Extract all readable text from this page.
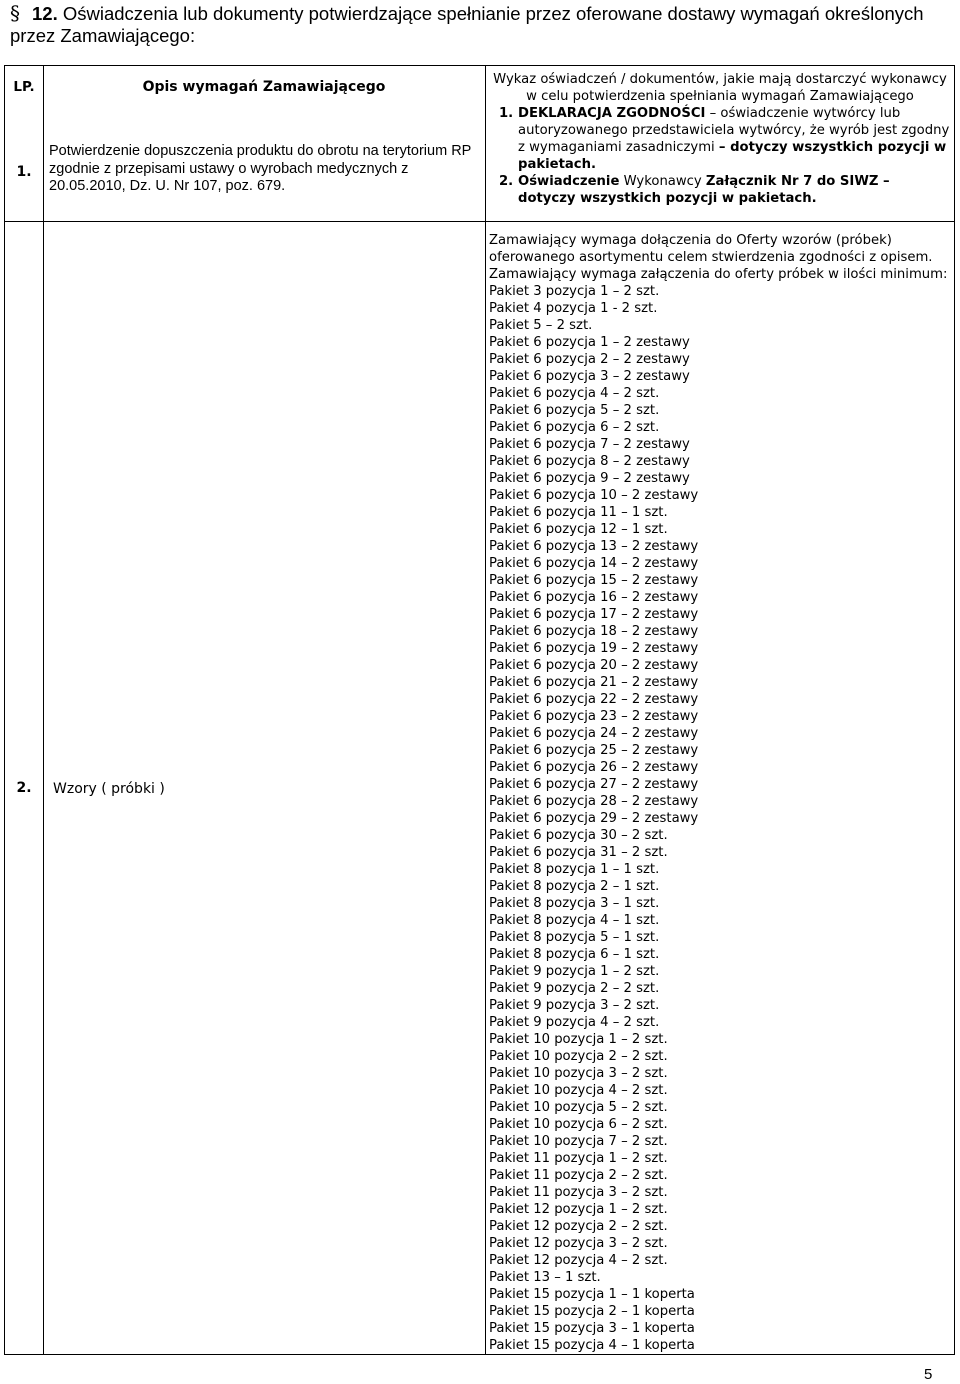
§ 12. Oświadczenia lub dokumenty potwierdzające spełnianie przez oferowane dostawy wymagań określonych przez Zamawiającego:
LP.	Opis wymagań Zamawiającego
1.
Potwierdzenie dopuszczenia produktu do obrotu na terytorium RP zgodnie z przepisami ustawy o wyrobach medycznych z 20.05.2010, Dz. U. Nr 107, poz. 679.
Wykaz oświadczeń / dokumentów, jakie mają dostarczyć wykonawcy w celu potwierdzenia spełniania wymagań Zamawiającego
1. DEKLARACJA ZGODNOŚCI – oświadczenie wytwórcy lub autoryzowanego przedstawiciela wytwórcy, że wyrób jest zgodny z wymaganiami zasadniczymi – dotyczy wszystkich pozycji w pakietach.
2. Oświadczenie Wykonawcy Załącznik Nr 7 do SIWZ – dotyczy wszystkich pozycji w pakietach.
2.	Wzory ( próbki )
Zamawiający wymaga dołączenia do Oferty wzorów (próbek) oferowanego asortymentu celem stwierdzenia zgodności z opisem.
Zamawiający wymaga załączenia do oferty próbek w ilości minimum:
Pakiet 3 pozycja 1 – 2 szt.
Pakiet 4 pozycja 1 - 2 szt.
Pakiet 5 – 2 szt.
Pakiet 6 pozycja 1 – 2 zestawy
Pakiet 6 pozycja 2 – 2 zestawy
Pakiet 6 pozycja 3 – 2 zestawy
Pakiet 6 pozycja 4 – 2 szt.
Pakiet 6 pozycja 5 – 2 szt.
Pakiet 6 pozycja 6 – 2 szt.
Pakiet 6 pozycja 7 – 2 zestawy
Pakiet 6 pozycja 8 – 2 zestawy
Pakiet 6 pozycja 9 – 2 zestawy
Pakiet 6 pozycja 10 – 2 zestawy
Pakiet 6 pozycja 11 – 1 szt.
Pakiet 6 pozycja 12 – 1 szt.
Pakiet 6 pozycja 13 – 2 zestawy
Pakiet 6 pozycja 14 – 2 zestawy
Pakiet 6 pozycja 15 – 2 zestawy
Pakiet 6 pozycja 16 – 2 zestawy
Pakiet 6 pozycja 17 – 2 zestawy
Pakiet 6 pozycja 18 – 2 zestawy
Pakiet 6 pozycja 19 – 2 zestawy
Pakiet 6 pozycja 20 – 2 zestawy
Pakiet 6 pozycja 21 – 2 zestawy
Pakiet 6 pozycja 22 – 2 zestawy
Pakiet 6 pozycja 23 – 2 zestawy
Pakiet 6 pozycja 24 – 2 zestawy
Pakiet 6 pozycja 25 – 2 zestawy
Pakiet 6 pozycja 26 – 2 zestawy
Pakiet 6 pozycja 27 – 2 zestawy
Pakiet 6 pozycja 28 – 2 zestawy
Pakiet 6 pozycja 29 – 2 zestawy
Pakiet 6 pozycja 30 – 2 szt.
Pakiet 6 pozycja 31 – 2 szt.
Pakiet 8 pozycja 1 – 1 szt.
Pakiet 8 pozycja 2 – 1 szt.
Pakiet 8 pozycja 3 – 1 szt.
Pakiet 8 pozycja 4 – 1 szt.
Pakiet 8 pozycja 5 – 1 szt.
Pakiet 8 pozycja 6 – 1 szt.
Pakiet 9 pozycja 1 – 2 szt.
Pakiet 9 pozycja 2 – 2 szt.
Pakiet 9 pozycja 3 – 2 szt.
Pakiet 9 pozycja 4 – 2 szt.
Pakiet 10 pozycja 1 – 2 szt.
Pakiet 10 pozycja 2 – 2 szt.
Pakiet 10 pozycja 3 – 2 szt.
Pakiet 10 pozycja 4 – 2 szt.
Pakiet 10 pozycja 5 – 2 szt.
Pakiet 10 pozycja 6 – 2 szt.
Pakiet 10 pozycja 7 – 2 szt.
Pakiet 11 pozycja 1 – 2 szt.
Pakiet 11 pozycja 2 – 2 szt.
Pakiet 11 pozycja 3 – 2 szt.
Pakiet 12 pozycja 1 – 2 szt.
Pakiet 12 pozycja 2 – 2 szt.
Pakiet 12 pozycja 3 – 2 szt.
Pakiet 12 pozycja 4 – 2 szt.
Pakiet 13 – 1 szt.
Pakiet 15 pozycja 1 – 1 koperta
Pakiet 15 pozycja 2 – 1 koperta
Pakiet 15 pozycja 3 – 1 koperta
Pakiet 15 pozycja 4 – 1 koperta
5
